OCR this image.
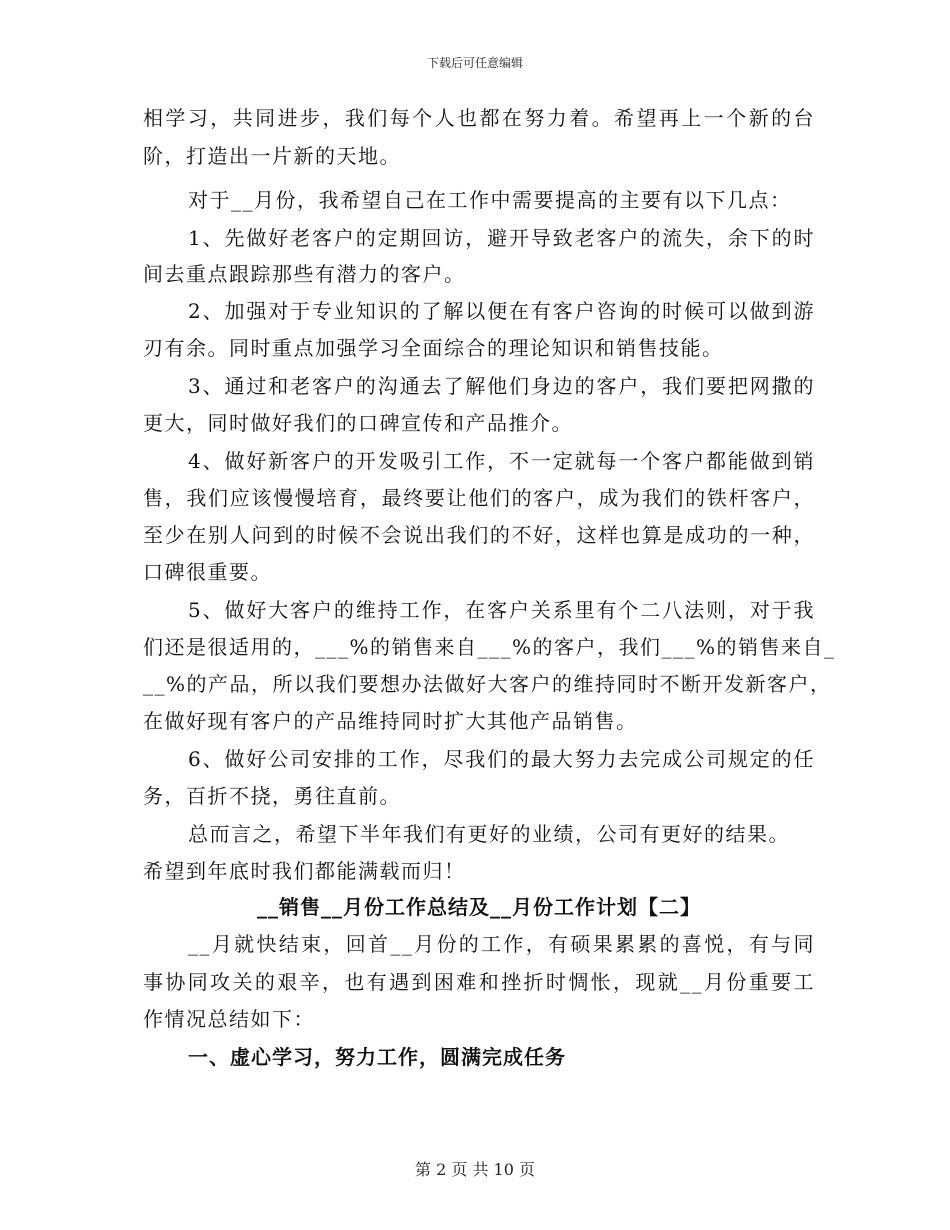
下载后可任意编辑
相学习，共同进步，我们每个人也都在努力着。希望再上一个新的台
阶，打造出一片新的天地。
对于__月份，我希望自己在工作中需要提高的主要有以下几点：
1、先做好老客户的定期回访，避开导致老客户的流失，余下的时
间去重点跟踪那些有潜力的客户。
2、加强对于专业知识的了解以便在有客户咨询的时候可以做到游
刃有余。同时重点加强学习全面综合的理论知识和销售技能。
3、通过和老客户的沟通去了解他们身边的客户，我们要把网撒的
更大，同时做好我们的口碑宣传和产品推介。
4、做好新客户的开发吸引工作，不一定就每一个客户都能做到销
售，我们应该慢慢培育，最终要让他们的客户，成为我们的铁杆客户，
至少在别人问到的时候不会说出我们的不好，这样也算是成功的一种，
口碑很重要。
5、做好大客户的维持工作，在客户关系里有个二八法则，对于我
们还是很适用的，___%的销售来自___%的客户，我们___%的销售来自_
__%的产品，所以我们要想办法做好大客户的维持同时不断开发新客户，
在做好现有客户的产品维持同时扩大其他产品销售。
6、做好公司安排的工作，尽我们的最大努力去完成公司规定的任
务，百折不挠，勇往直前。
总而言之，希望下半年我们有更好的业绩，公司有更好的结果。
希望到年底时我们都能满载而归！
__销售__月份工作总结及__月份工作计划【二】
__月就快结束，回首__月份的工作，有硕果累累的喜悦，有与同
事协同攻关的艰辛，也有遇到困难和挫折时惆怅，现就__月份重要工
作情况总结如下：
一、虚心学习，努力工作，圆满完成任务
第 2 页 共 10 页
